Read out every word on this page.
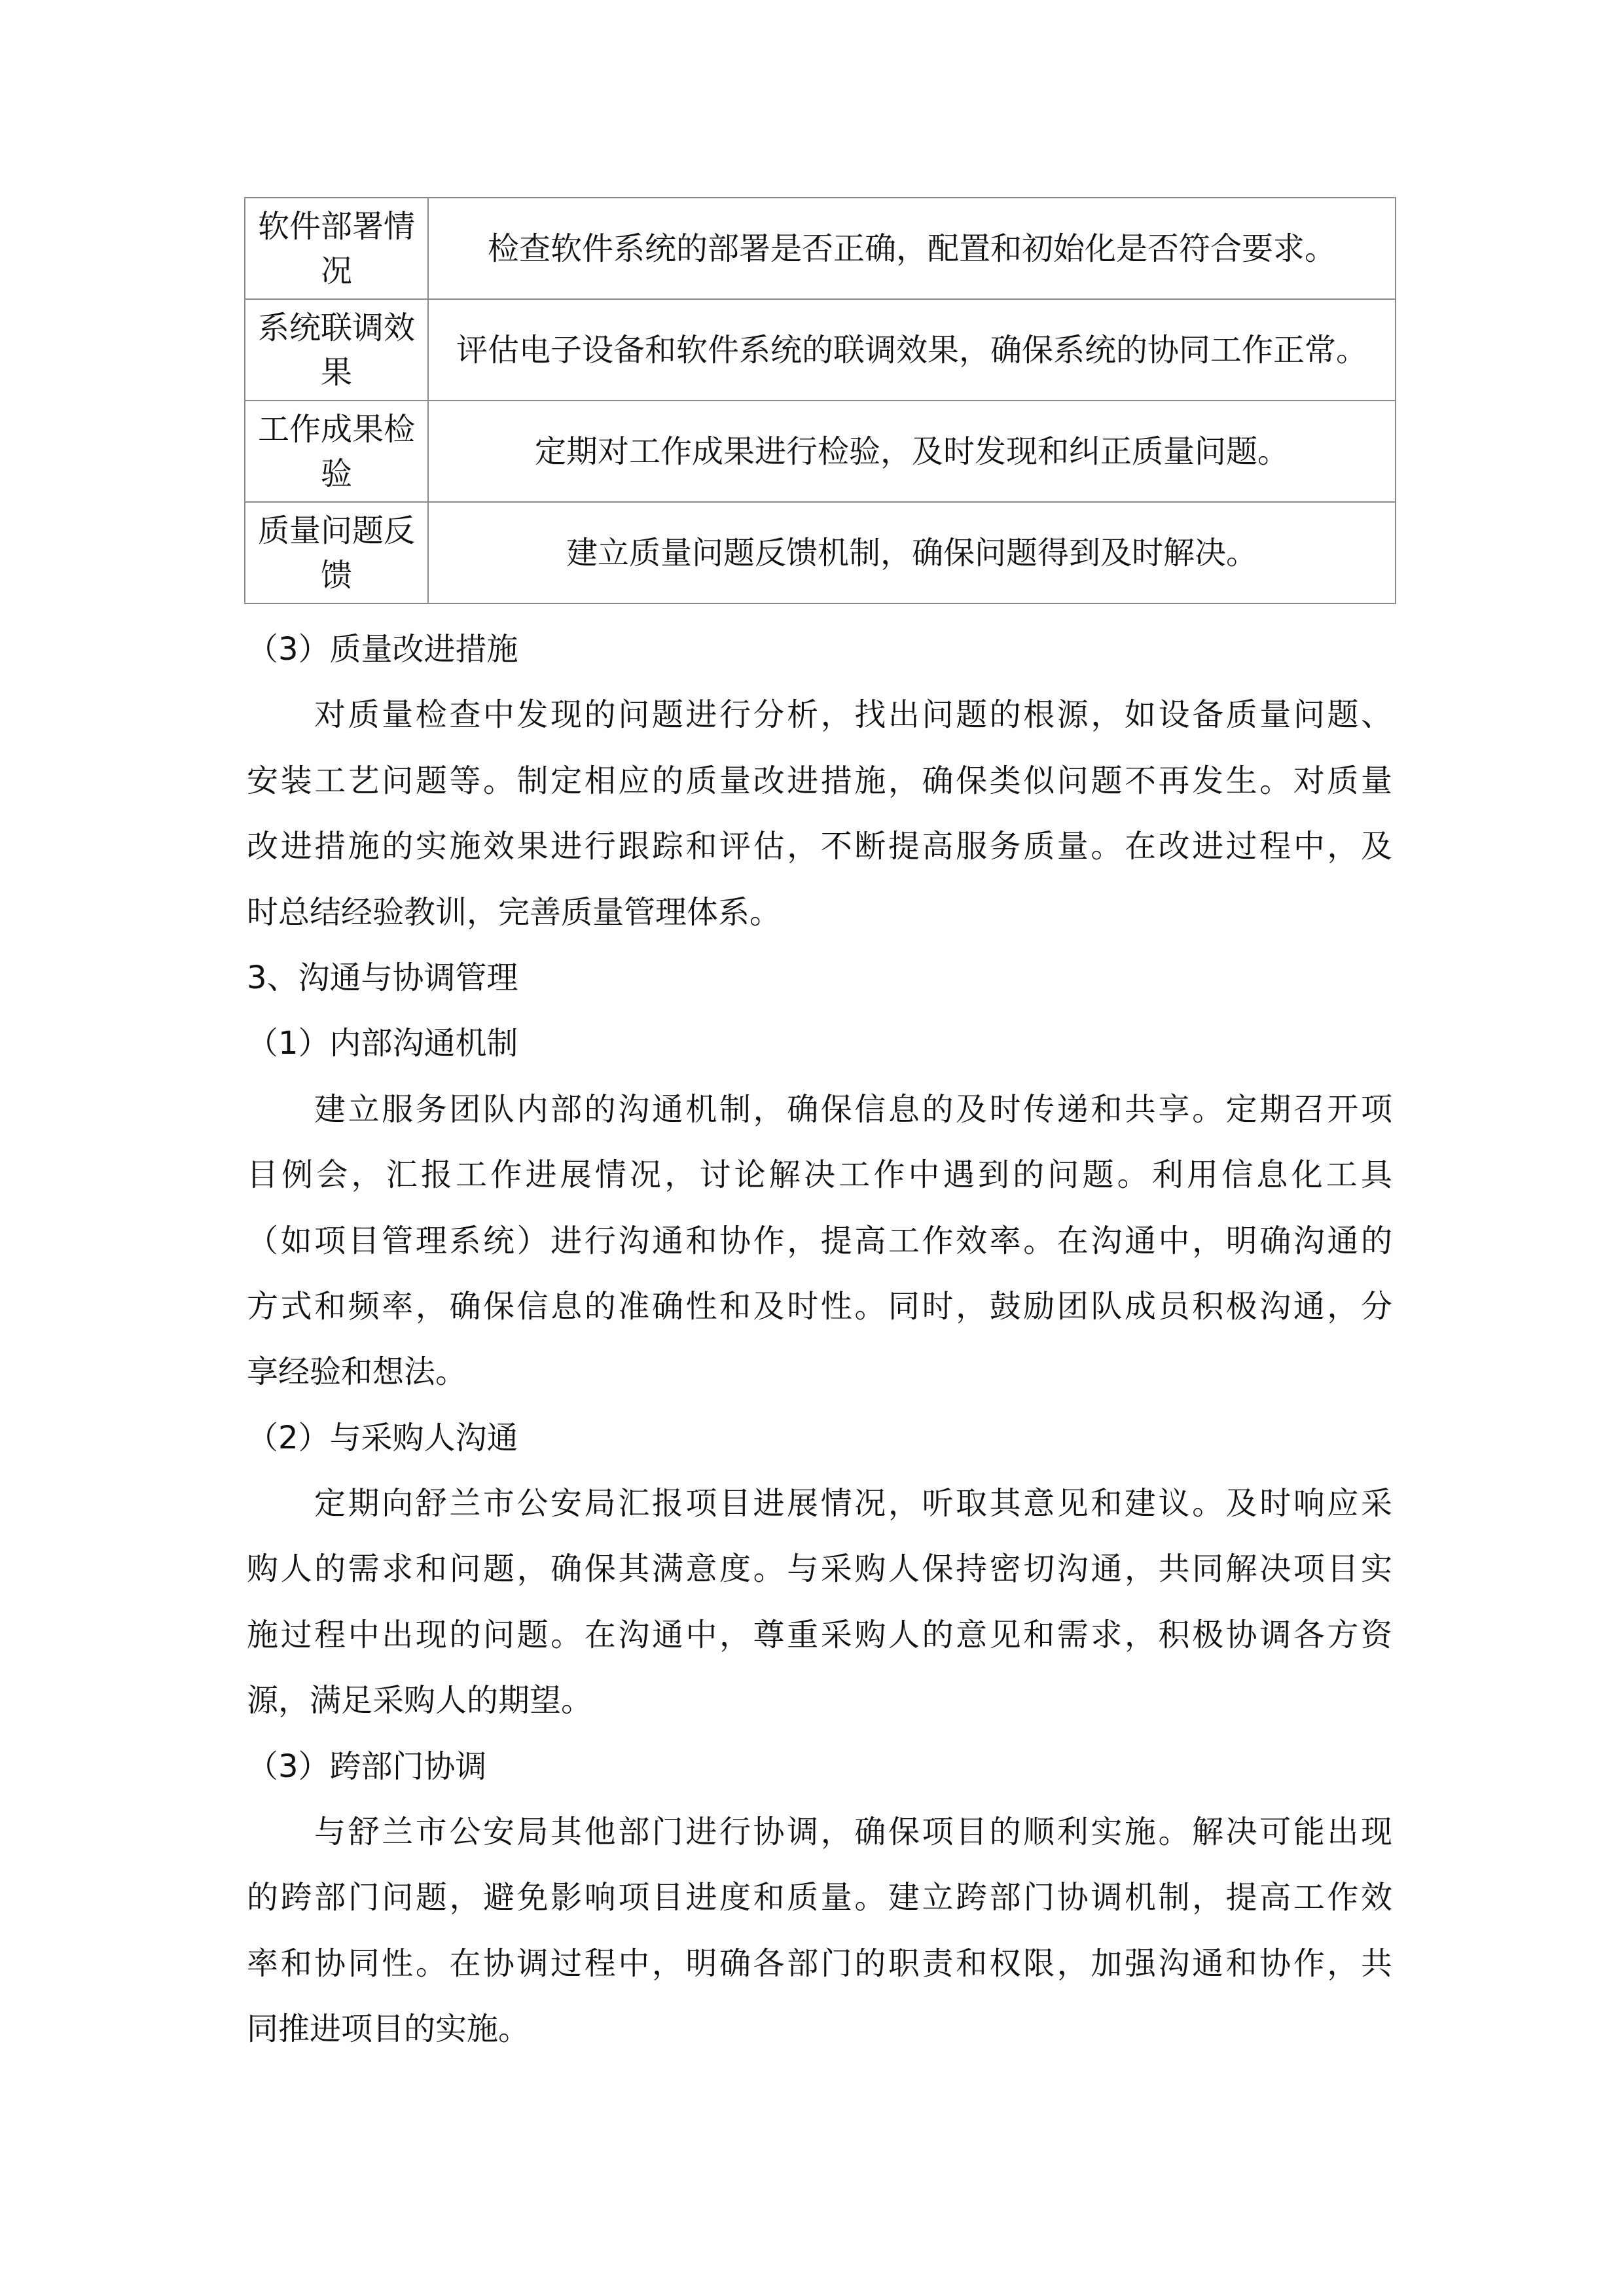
软件部署情况	检查软件系统的部署是否正确，配置和初始化是否符合要求。
系统联调效果	评估电子设备和软件系统的联调效果，确保系统的协同工作正常。
工作成果检验	定期对工作成果进行检验，及时发现和纠正质量问题。
质量问题反馈	建立质量问题反馈机制，确保问题得到及时解决。
（3）质量改进措施
对质量检查中发现的问题进行分析，找出问题的根源，如设备质量问题、
安装工艺问题等。制定相应的质量改进措施，确保类似问题不再发生。对质量
改进措施的实施效果进行跟踪和评估，不断提高服务质量。在改进过程中，及
时总结经验教训，完善质量管理体系。
3、沟通与协调管理
（1）内部沟通机制
建立服务团队内部的沟通机制，确保信息的及时传递和共享。定期召开项
目例会，汇报工作进展情况，讨论解决工作中遇到的问题。利用信息化工具
（如项目管理系统）进行沟通和协作，提高工作效率。在沟通中，明确沟通的
方式和频率，确保信息的准确性和及时性。同时，鼓励团队成员积极沟通，分
享经验和想法。
（2）与采购人沟通
定期向舒兰市公安局汇报项目进展情况，听取其意见和建议。及时响应采
购人的需求和问题，确保其满意度。与采购人保持密切沟通，共同解决项目实
施过程中出现的问题。在沟通中，尊重采购人的意见和需求，积极协调各方资
源，满足采购人的期望。
（3）跨部门协调
与舒兰市公安局其他部门进行协调，确保项目的顺利实施。解决可能出现
的跨部门问题，避免影响项目进度和质量。建立跨部门协调机制，提高工作效
率和协同性。在协调过程中，明确各部门的职责和权限，加强沟通和协作，共
同推进项目的实施。
